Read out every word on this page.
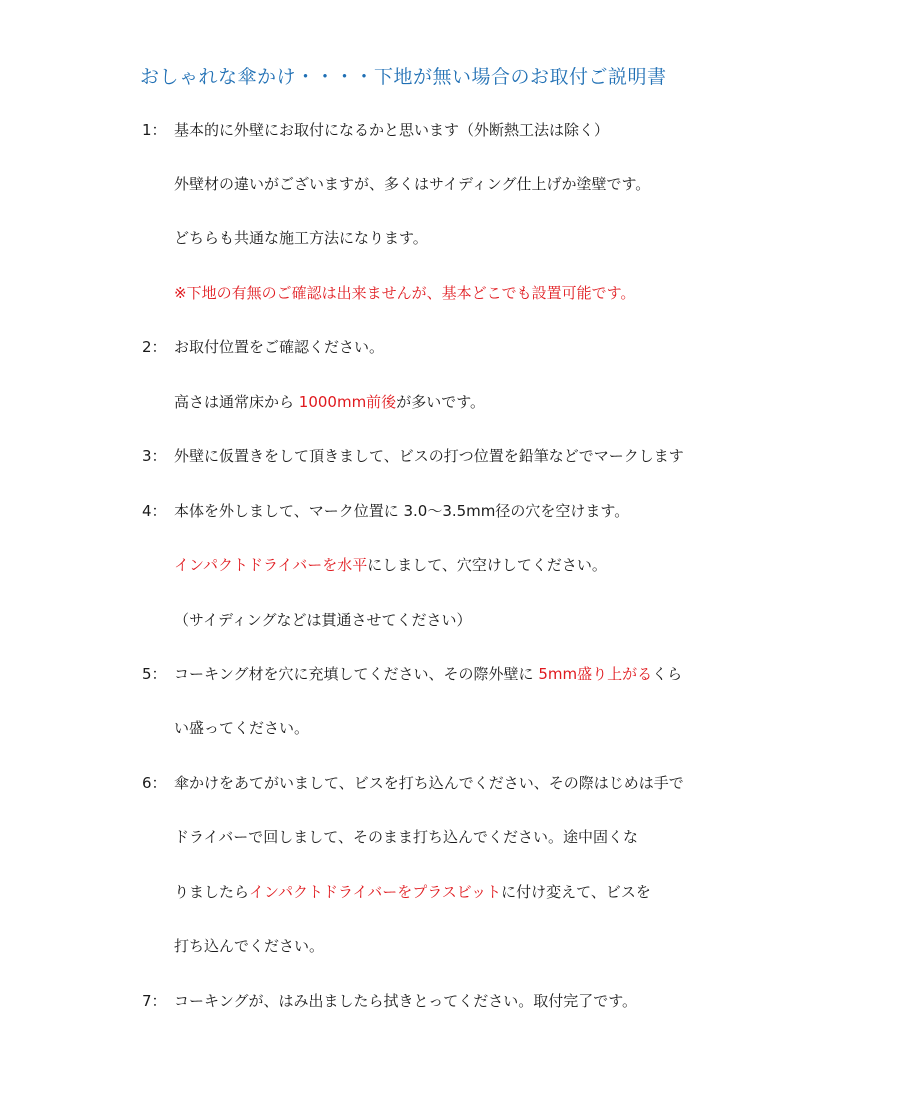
おしゃれな傘かけ・・・・下地が無い場合のお取付ご説明書
1： 基本的に外壁にお取付になるかと思います（外断熱工法は除く）
外壁材の違いがございますが、多くはサイディング仕上げか塗壁です。
どちらも共通な施工方法になります。
※下地の有無のご確認は出来ませんが、基本どこでも設置可能です。
2： お取付位置をご確認ください。
高さは通常床から 1000mm前後が多いです。
3： 外壁に仮置きをして頂きまして、ビスの打つ位置を鉛筆などでマークします
4： 本体を外しまして、マーク位置に 3.0～3.5mm径の穴を空けます。
インパクトドライバーを水平にしまして、穴空けしてください。
（サイディングなどは貫通させてください）
5： コーキング材を穴に充填してください、その際外壁に 5mm盛り上がるくら
い盛ってください。
6： 傘かけをあてがいまして、ビスを打ち込んでください、その際はじめは手で
ドライバーで回しまして、そのまま打ち込んでください。途中固くな
りましたらインパクトドライバーをプラスビットに付け変えて、ビスを
打ち込んでください。
7： コーキングが、はみ出ましたら拭きとってください。取付完了です。
